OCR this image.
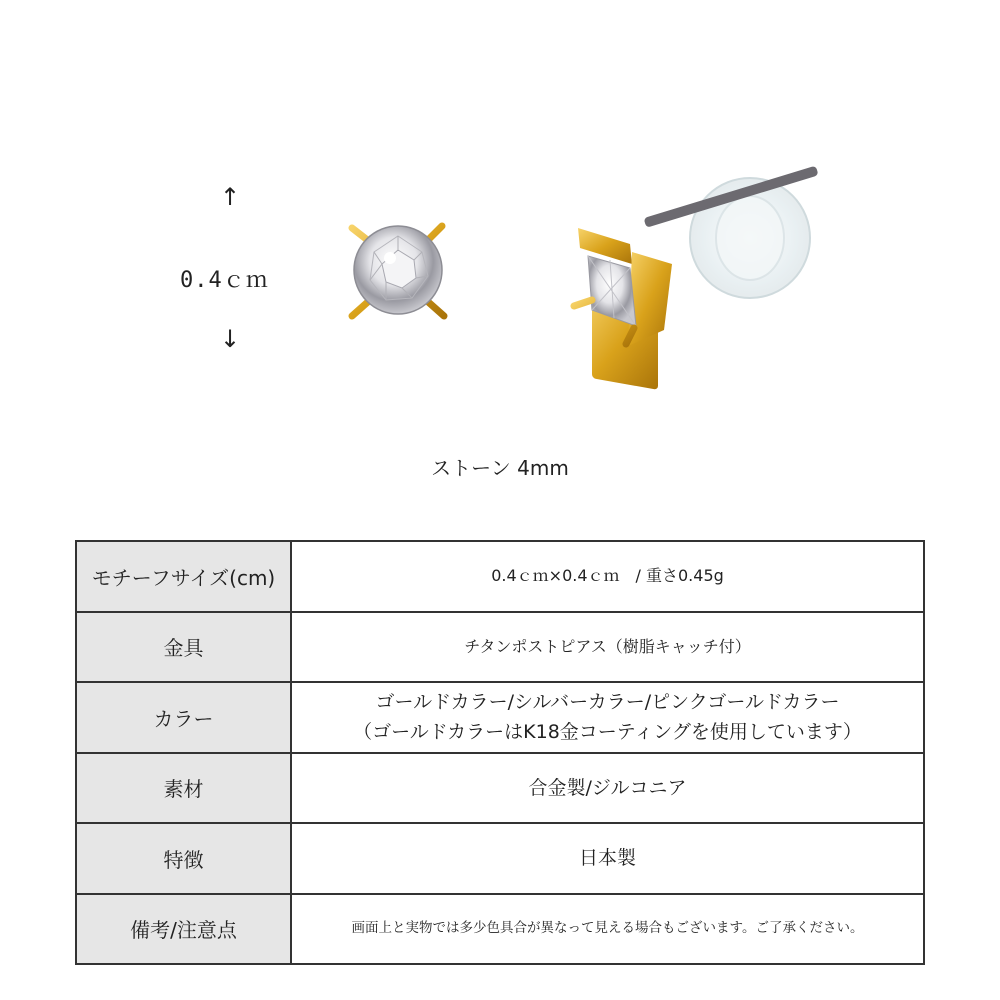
↑
0.4ｃｍ
↓
ストーン 4mm
モチーフサイズ(cm)	0.4ｃｍ×0.4ｃｍ　/ 重さ0.45g
金具	チタンポストピアス（樹脂キャッチ付）
カラー	ゴールドカラー/シルバーカラー/ピンクゴールドカラー
（ゴールドカラーはK18金コーティングを使用しています）

素材	合金製/ジルコニア
特徴	日本製
備考/注意点	画面上と実物では多少色具合が異なって見える場合もございます。ご了承ください。
